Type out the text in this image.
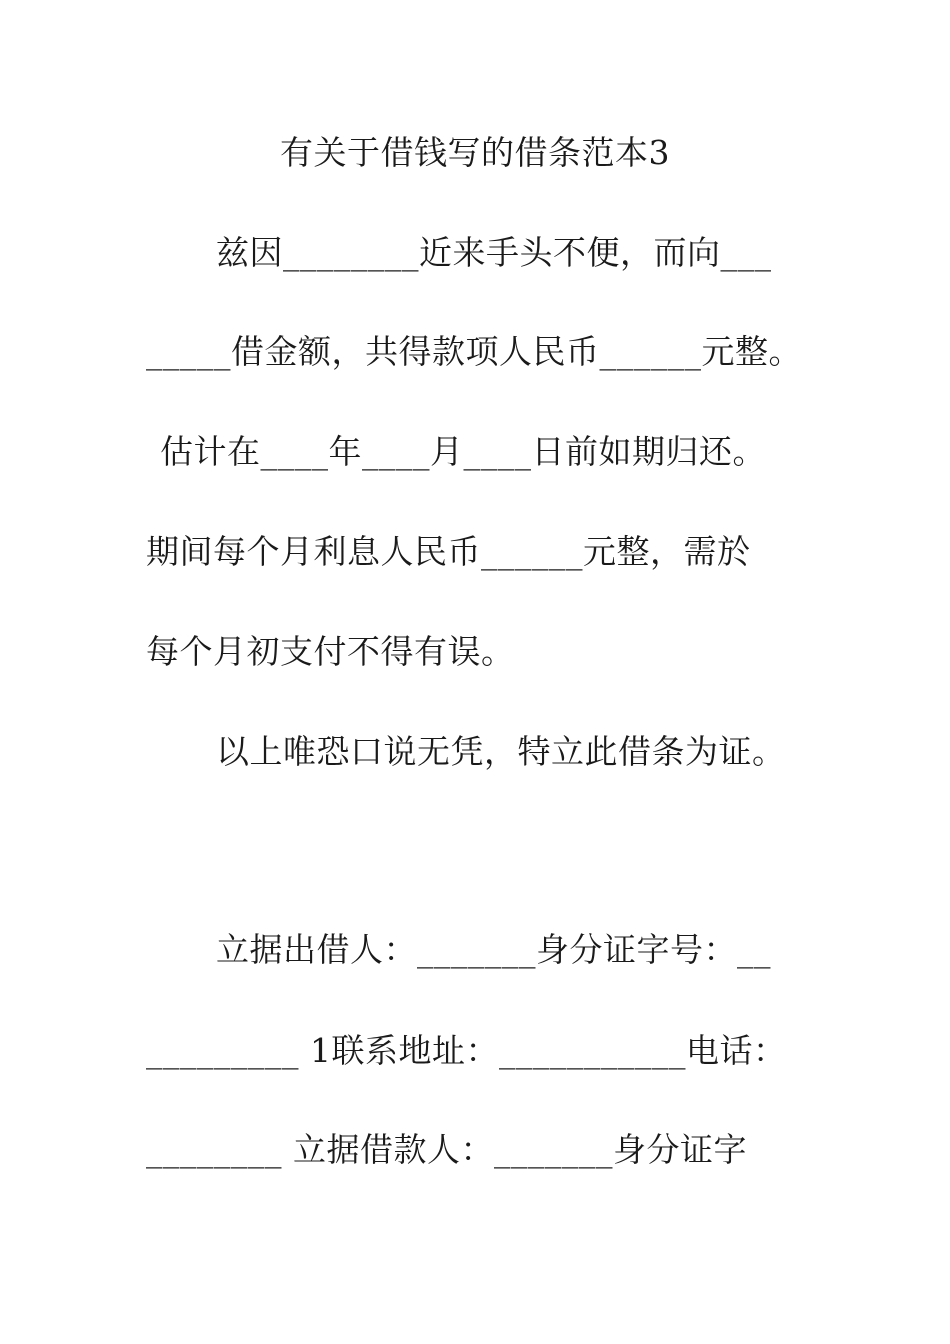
有关于借钱写的借条范本3
兹因________近来手头不便，而向___
_____借金额，共得款项人民币______元整。
估计在____年____月____日前如期归还。
期间每个月利息人民币______元整，需於
每个月初支付不得有误。
以上唯恐口说无凭，特立此借条为证。
立据出借人：_______身分证字号：__
_________ 1联系地址：___________电话：
________ 立据借款人：_______身分证字
